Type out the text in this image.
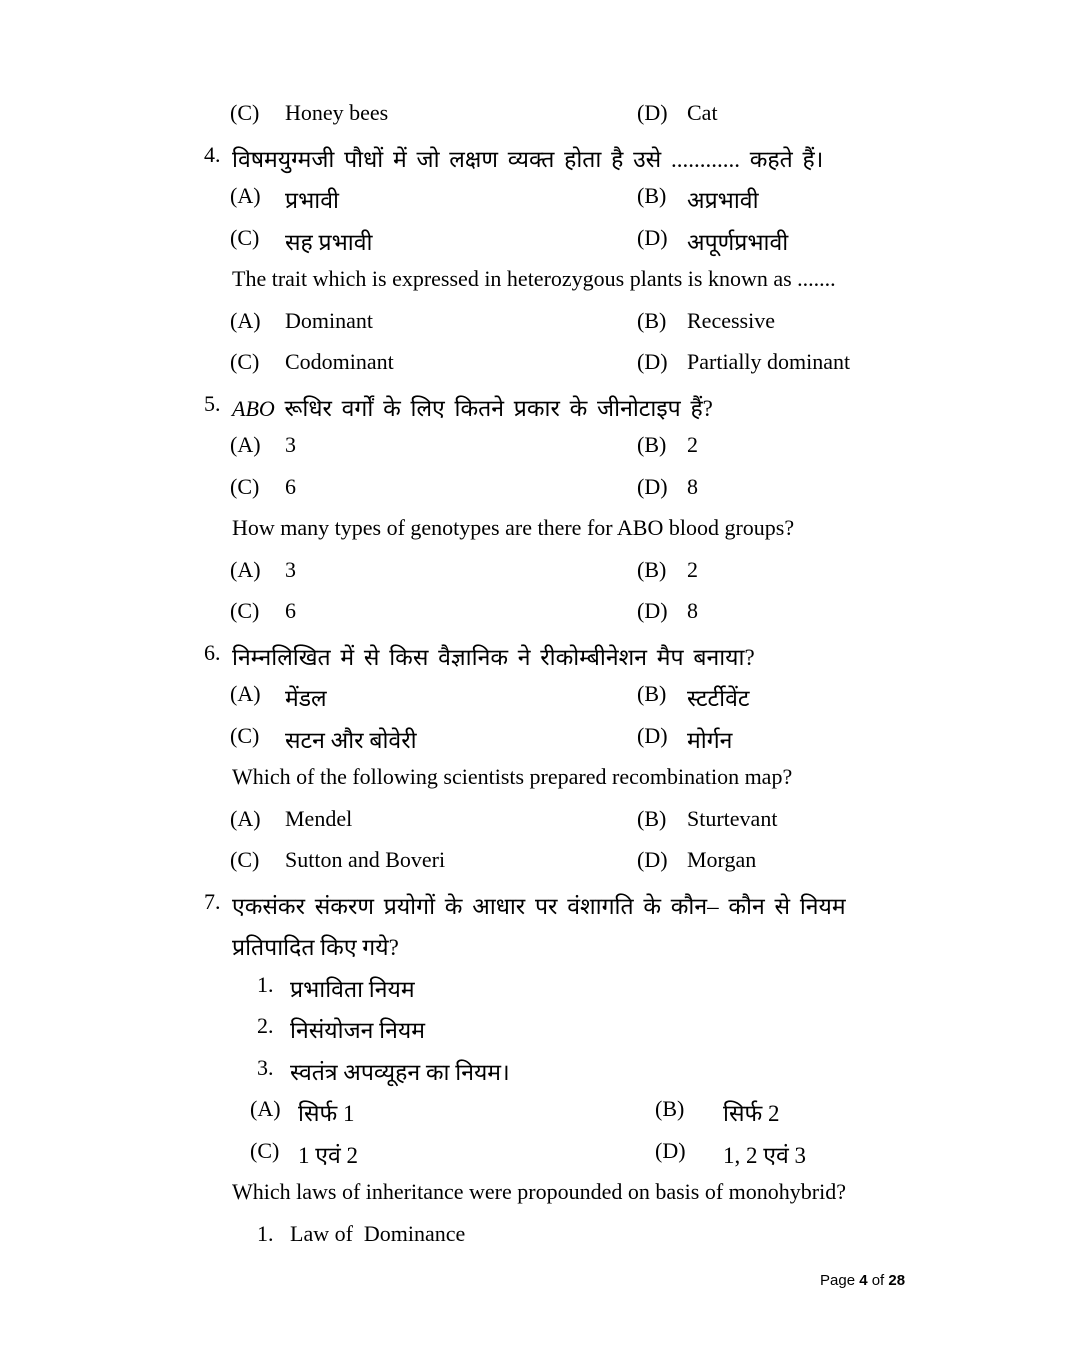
(C) Honey bees	(D) Cat
4. विषमयुग्मजी पौधों में जो लक्षण व्यक्त होता है उसे ............ कहते हैं।
(A) प्रभावी	(B) अप्रभावी
(C) सह प्रभावी	(D) अपूर्णप्रभावी
The trait which is expressed in heterozygous plants is known as .......
(A) Dominant	(B) Recessive
(C) Codominant	(D) Partially dominant
5. ABO रूधिर वर्गों के लिए कितने प्रकार के जीनोटाइप हैं?
(A) 3	(B) 2
(C) 6	(D) 8
How many types of genotypes are there for ABO blood groups?
(A) 3	(B) 2
(C) 6	(D) 8
6. निम्नलिखित में से किस वैज्ञानिक ने रीकोम्बीनेशन मैप बनाया?
(A) मेंडल	(B) स्टर्टीवेंट
(C) सटन और बोवेरी	(D) मोर्गन
Which of the following scientists prepared recombination map?
(A) Mendel	(B) Sturtevant
(C) Sutton and Boveri	(D) Morgan
7. एकसंकर संकरण प्रयोगों के आधार पर वंशागति के कौन– कौन से नियम
प्रतिपादित किए गये?
1. प्रभाविता नियम
2. निसंयोजन नियम
3. स्वतंत्र अपव्यूहन का नियम।
(A) सिर्फ 1	(B) सिर्फ 2
(C) 1 एवं 2	(D) 1, 2 एवं 3
Which laws of inheritance were propounded on basis of monohybrid?
1. Law of  Dominance
Page 4 of 28
